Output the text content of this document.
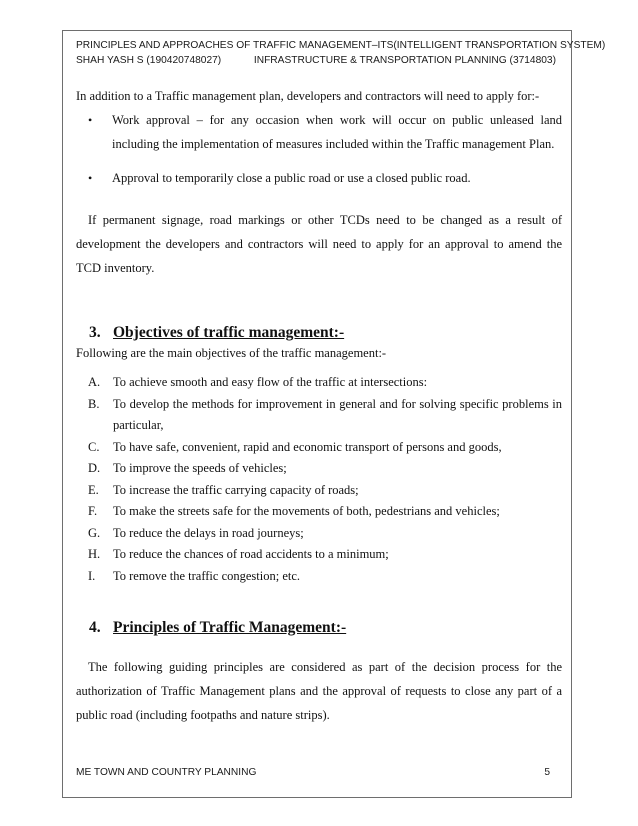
PRINCIPLES AND APPROACHES OF TRAFFIC MANAGEMENT–ITS(INTELLIGENT TRANSPORTATION SYSTEM)
SHAH YASH S (190420748027)	INFRASTRUCTURE & TRANSPORTATION PLANNING (3714803)

In addition to a Traffic management plan, developers and contractors will need to apply for:-

• Work approval – for any occasion when work will occur on public unleased land including the implementation of measures included within the Traffic management Plan.
• Approval to temporarily close a public road or use a closed public road.

If permanent signage, road markings or other TCDs need to be changed as a result of development the developers and contractors will need to apply for an approval to amend the TCD inventory.

3. Objectives of traffic management:-

Following are the main objectives of the traffic management:-

A. To achieve smooth and easy flow of the traffic at intersections:
B. To develop the methods for improvement in general and for solving specific problems in particular,
C. To have safe, convenient, rapid and economic transport of persons and goods,
D. To improve the speeds of vehicles;
E. To increase the traffic carrying capacity of roads;
F. To make the streets safe for the movements of both, pedestrians and vehicles;
G. To reduce the delays in road journeys;
H. To reduce the chances of road accidents to a minimum;
I. To remove the traffic congestion; etc.
4. Principles of Traffic Management:-

The following guiding principles are considered as part of the decision process for the authorization of Traffic Management plans and the approval of requests to close any part of a public road (including footpaths and nature strips).

ME TOWN AND COUNTRY PLANNING	5
